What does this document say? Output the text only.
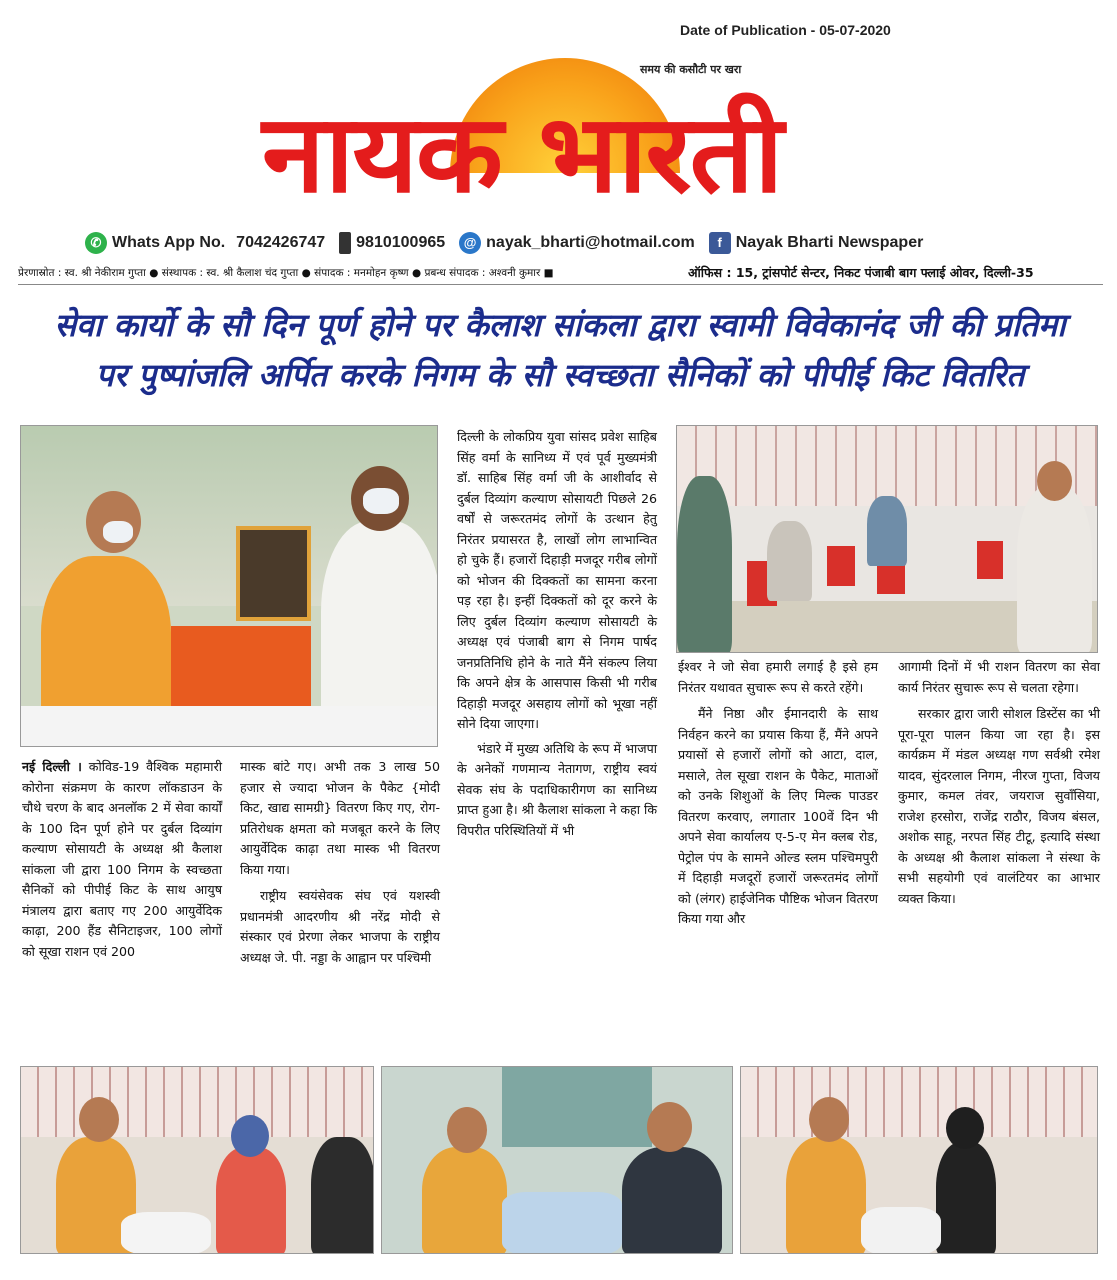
Date of Publication - 05-07-2020
समय की कसौटी पर खरा
नायक भारती
✆ Whats App No. 7042426747 9810100965	@ nayak_bharti@hotmail.com	f Nayak Bharti Newspaper
प्रेरणास्रोत : स्व. श्री नेकीराम गुप्ता ● संस्थापक : स्व. श्री कैलाश चंद गुप्ता ● संपादक : मनमोहन कृष्ण ● प्रबन्ध संपादक : अश्वनी कुमार ■	ऑफिस : 15, ट्रांसपोर्ट सेन्टर, निकट पंजाबी बाग फ्लाई ओवर, दिल्ली-35
सेवा कार्यो के सौ दिन पूर्ण होने पर कैलाश सांकला द्वारा स्वामी विवेकानंद जी की प्रतिमा
पर पुष्पांजलि अर्पित करके निगम के सौ स्वच्छता सैनिकों को पीपीई किट वितरित

नई दिल्ली । कोविड-19 वैश्विक महामारी कोरोना संक्रमण के कारण लॉकडाउन के चौथे चरण के बाद अनलॉक 2 में सेवा कार्यों के 100 दिन पूर्ण होने पर दुर्बल दिव्यांग कल्याण सोसायटी के अध्यक्ष श्री कैलाश सांकला जी द्वारा 100 निगम के स्वच्छता सैनिकों को पीपीई किट के साथ आयुष मंत्रालय द्वारा बताए गए 200 आयुर्वेदिक काढ़ा, 200 हैंड सैनिटाइजर, 100 लोगों को सूखा राशन एवं 200

मास्क बांटे गए। अभी तक 3 लाख 50 हजार से ज्यादा भोजन के पैकेट {मोदी किट, खाद्य सामग्री} वितरण किए गए, रोग- प्रतिरोधक क्षमता को मजबूत करने के लिए आयुर्वेदिक काढ़ा तथा मास्क भी वितरण किया गया।

राष्ट्रीय स्वयंसेवक संघ एवं यशस्वी प्रधानमंत्री आदरणीय श्री नरेंद्र मोदी से संस्कार एवं प्रेरणा लेकर भाजपा के राष्ट्रीय अध्यक्ष जे. पी. नड्डा के आह्वान पर पश्चिमी

दिल्ली के लोकप्रिय युवा सांसद प्रवेश साहिब सिंह वर्मा के सानिध्य में एवं पूर्व मुख्यमंत्री डॉ. साहिब सिंह वर्मा जी के आशीर्वाद से दुर्बल दिव्यांग कल्याण सोसायटी पिछले 26 वर्षों से जरूरतमंद लोगों के उत्थान हेतु निरंतर प्रयासरत है, लाखों लोग लाभान्वित हो चुके हैं। हजारों दिहाड़ी मजदूर गरीब लोगों को भोजन की दिक्कतों का सामना करना पड़ रहा है। इन्हीं दिक्कतों को दूर करने के लिए दुर्बल दिव्यांग कल्याण सोसायटी के अध्यक्ष एवं पंजाबी बाग से निगम पार्षद जनप्रतिनिधि होने के नाते मैंने संकल्प लिया कि अपने क्षेत्र के आसपास किसी भी गरीब दिहाड़ी मजदूर असहाय लोगों को भूखा नहीं सोने दिया जाएगा।

भंडारे में मुख्य अतिथि के रूप में भाजपा के अनेकों गणमान्य नेतागण, राष्ट्रीय स्वयं सेवक संघ के पदाधिकारीगण का सानिध्य प्राप्त हुआ है। श्री कैलाश सांकला ने कहा कि विपरीत परिस्थितियों में भी

ईश्वर ने जो सेवा हमारी लगाई है इसे हम निरंतर यथावत सुचारू रूप से करते रहेंगे।

मैंने निष्ठा और ईमानदारी के साथ निर्वहन करने का प्रयास किया हैं, मैंने अपने प्रयासों से हजारों लोगों को आटा, दाल, मसाले, तेल सूखा राशन के पैकेट, माताओं को उनके शिशुओं के लिए मिल्क पाउडर वितरण करवाए, लगातार 100वें दिन भी अपने सेवा कार्यालय ए-5-ए मेन क्लब रोड, पेट्रोल पंप के सामने ओल्ड स्लम पश्चिमपुरी में दिहाड़ी मजदूरों हजारों जरूरतमंद लोगों को (लंगर) हाईजेनिक पौष्टिक भोजन वितरण किया गया और

आगामी दिनों में भी राशन वितरण का सेवा कार्य निरंतर सुचारू रूप से चलता रहेगा।

सरकार द्वारा जारी सोशल डिस्टेंस का भी पूरा-पूरा पालन किया जा रहा है। इस कार्यक्रम में मंडल अध्यक्ष गण सर्वश्री रमेश यादव, सुंदरलाल निगम, नीरज गुप्ता, विजय कुमार, कमल तंवर, जयराज सुवाँसिया, राजेश हरसोरा, राजेंद्र राठौर, विजय बंसल, अशोक साहू, नरपत सिंह टीटू, इत्यादि संस्था के अध्यक्ष श्री कैलाश सांकला ने संस्था के सभी सहयोगी एवं वालंटियर का आभार व्यक्त किया।
